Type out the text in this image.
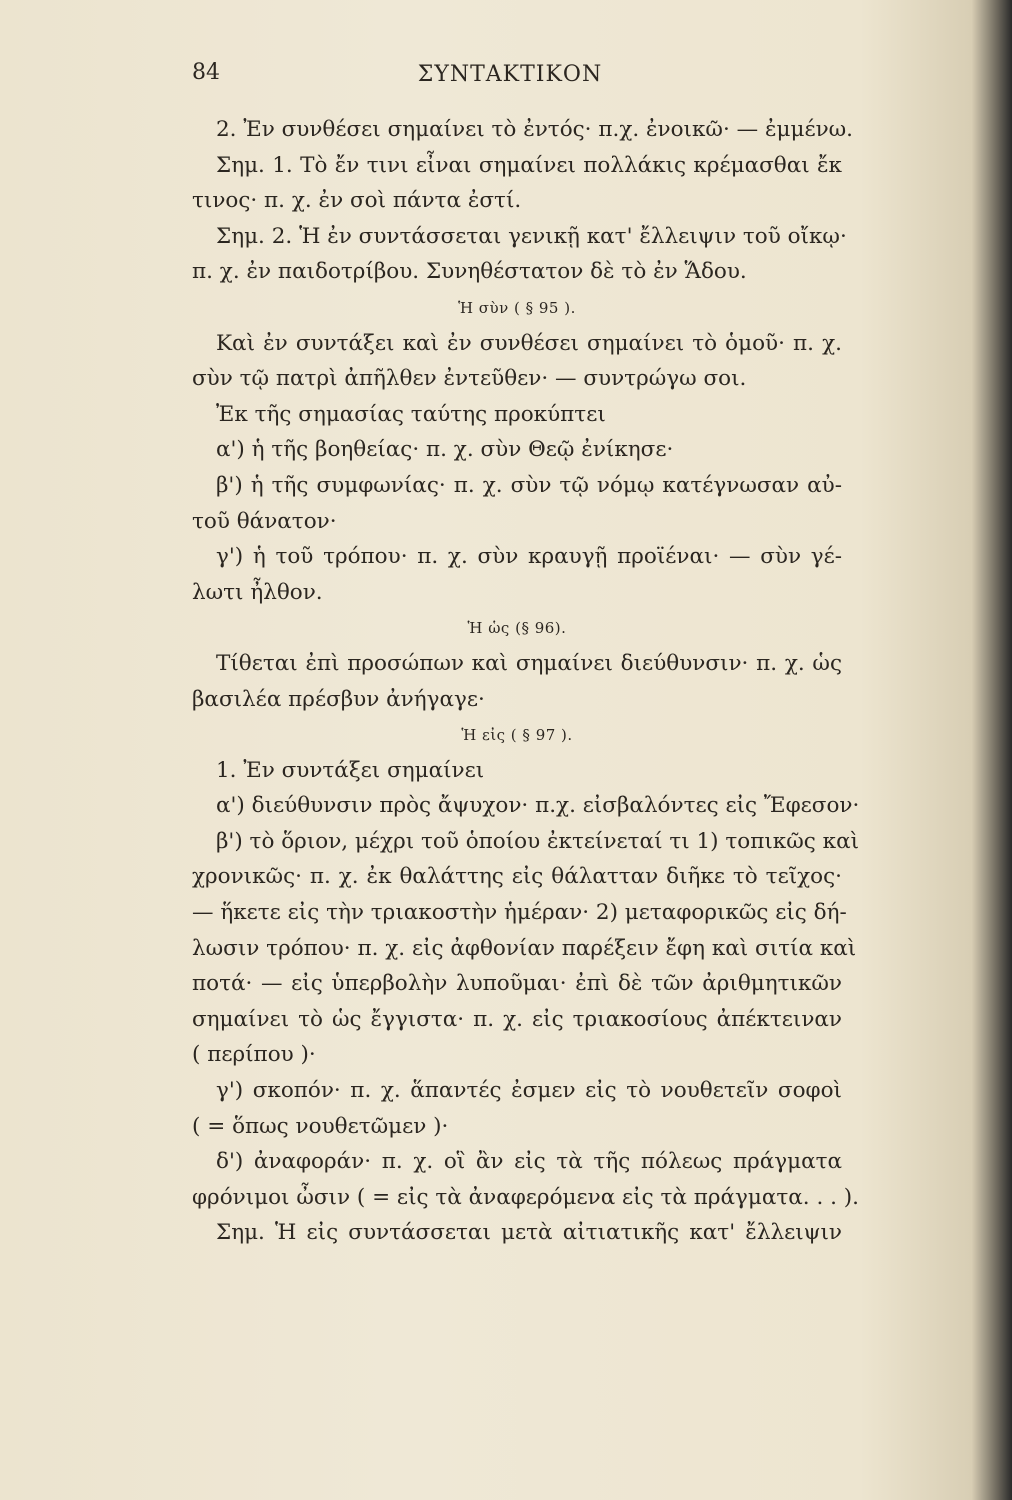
84	ΣΥΝΤΑΚΤΙΚΟΝ
2. Ἐν συνθέσει σημαίνει τὸ ἐντός· π.χ. ἐνοικῶ· — ἐμμένω.
Σημ. 1. Τὸ ἔν τινι εἶναι σημαίνει πολλάκις κρέμασθαι ἔκ
τινος· π. χ. ἐν σοὶ πάντα ἐστί.
Σημ. 2. Ἡ ἐν συντάσσεται γενικῇ κατ' ἔλλειψιν τοῦ οἴκῳ·
π. χ. ἐν παιδοτρίβου. Συνηθέστατον δὲ τὸ ἐν Ἅδου.
Ἡ σὺν ( § 95 ).
Καὶ ἐν συντάξει καὶ ἐν συνθέσει σημαίνει τὸ ὁμοῦ· π. χ.
σὺν τῷ πατρὶ ἀπῆλθεν ἐντεῦθεν· — συντρώγω σοι.
Ἐκ τῆς σημασίας ταύτης προκύπτει
α') ἡ τῆς βοηθείας· π. χ. σὺν Θεῷ ἐνίκησε·
β') ἡ τῆς συμφωνίας· π. χ. σὺν τῷ νόμῳ κατέγνωσαν αὐ-
τοῦ θάνατον·
γ') ἡ τοῦ τρόπου· π. χ. σὺν κραυγῇ προϊέναι· — σὺν γέ-
λωτι ἦλθον.
Ἡ ὡς (§ 96).
Τίθεται ἐπὶ προσώπων καὶ σημαίνει διεύθυνσιν· π. χ. ὡς
βασιλέα πρέσβυν ἀνήγαγε·
Ἡ εἰς ( § 97 ).
1. Ἐν συντάξει σημαίνει
α') διεύθυνσιν πρὸς ἄψυχον· π.χ. εἰσβαλόντες εἰς Ἔφεσον·
β') τὸ ὅριον, μέχρι τοῦ ὁποίου ἐκτείνεταί τι 1) τοπικῶς καὶ
χρονικῶς· π. χ. ἐκ θαλάττης εἰς θάλατταν διῆκε τὸ τεῖχος·
— ἥκετε εἰς τὴν τριακοστὴν ἡμέραν· 2) μεταφορικῶς εἰς δή-
λωσιν τρόπου· π. χ. εἰς ἀφθονίαν παρέξειν ἔφη καὶ σιτία καὶ
ποτά· — εἰς ὑπερβολὴν λυποῦμαι· ἐπὶ δὲ τῶν ἀριθμητικῶν
σημαίνει τὸ ὡς ἔγγιστα· π. χ. εἰς τριακοσίους ἀπέκτειναν
( περίπου )·
γ') σκοπόν· π. χ. ἅπαντές ἐσμεν εἰς τὸ νουθετεῖν σοφοὶ
( = ὅπως νουθετῶμεν )·
δ') ἀναφοράν· π. χ. οἳ ἂν εἰς τὰ τῆς πόλεως πράγματα
φρόνιμοι ὦσιν ( = εἰς τὰ ἀναφερόμενα εἰς τὰ πράγματα. . . ).
Σημ. Ἡ εἰς συντάσσεται μετὰ αἰτιατικῆς κατ' ἔλλειψιν
